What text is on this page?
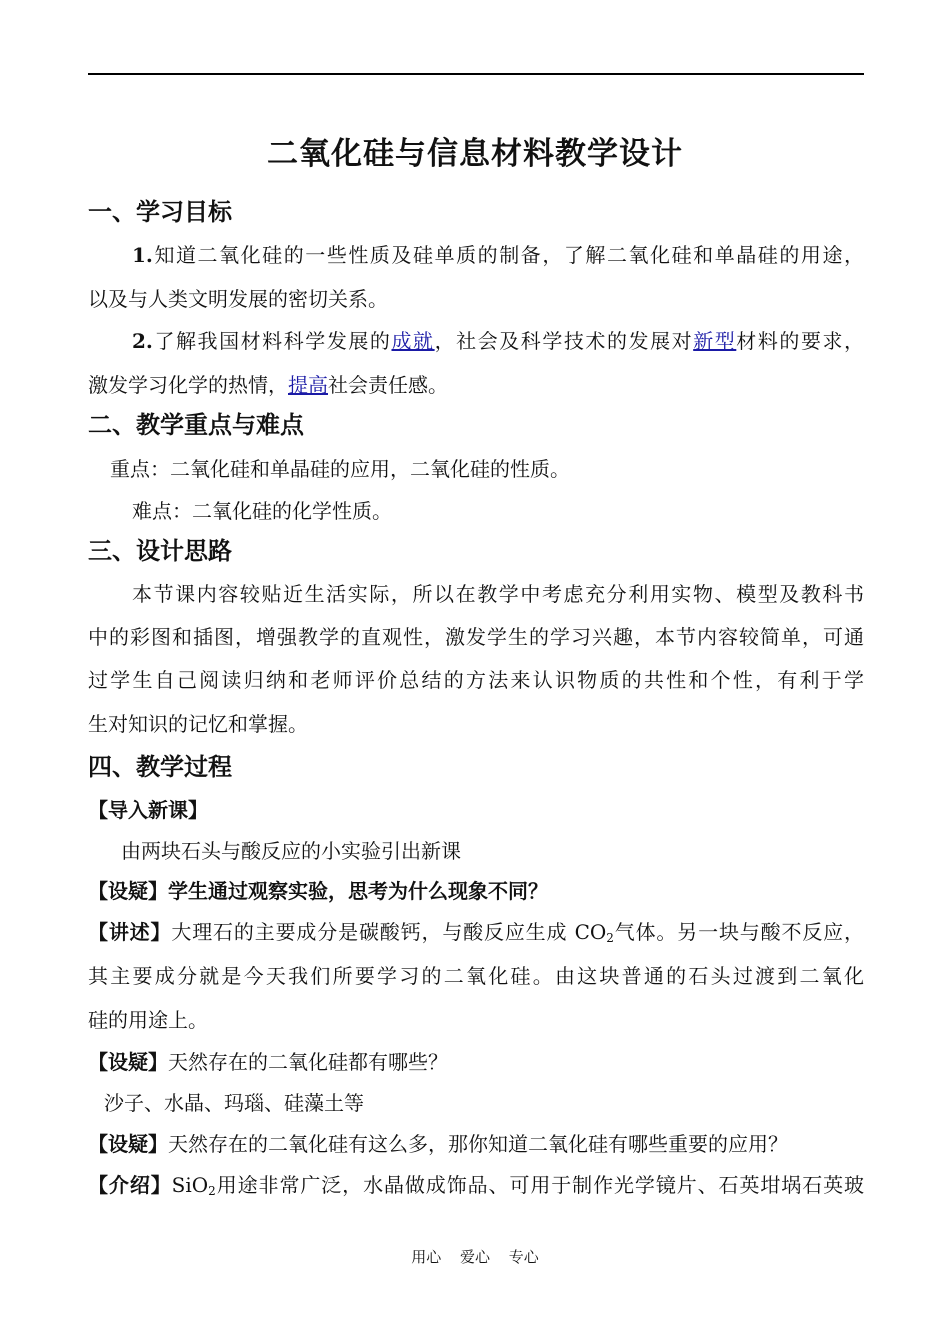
二氧化硅与信息材料教学设计
一、学习目标
1.知道二氧化硅的一些性质及硅单质的制备，了解二氧化硅和单晶硅的用途，
以及与人类文明发展的密切关系。
2.了解我国材料科学发展的成就，社会及科学技术的发展对新型材料的要求，
激发学习化学的热情，提高社会责任感。
二、教学重点与难点
重点：二氧化硅和单晶硅的应用，二氧化硅的性质。
难点：二氧化硅的化学性质。
三、设计思路
本节课内容较贴近生活实际，所以在教学中考虑充分利用实物、模型及教科书
中的彩图和插图，增强教学的直观性，激发学生的学习兴趣，本节内容较简单，可通
过学生自己阅读归纳和老师评价总结的方法来认识物质的共性和个性，有利于学
生对知识的记忆和掌握。
四、教学过程
【导入新课】
由两块石头与酸反应的小实验引出新课
【设疑】学生通过观察实验，思考为什么现象不同？
【讲述】大理石的主要成分是碳酸钙，与酸反应生成 $CO_2$气体。另一块与酸不反应，
其主要成分就是今天我们所要学习的二氧化硅。由这块普通的石头过渡到二氧化
硅的用途上。
【设疑】天然存在的二氧化硅都有哪些？
沙子、水晶、玛瑙、硅藻土等
【设疑】天然存在的二氧化硅有这么多，那你知道二氧化硅有哪些重要的应用？
【介绍】SiO$_2$用途非常广泛，水晶做成饰品、可用于制作光学镜片、石英坩埚石英玻
用心 爱心 专心
